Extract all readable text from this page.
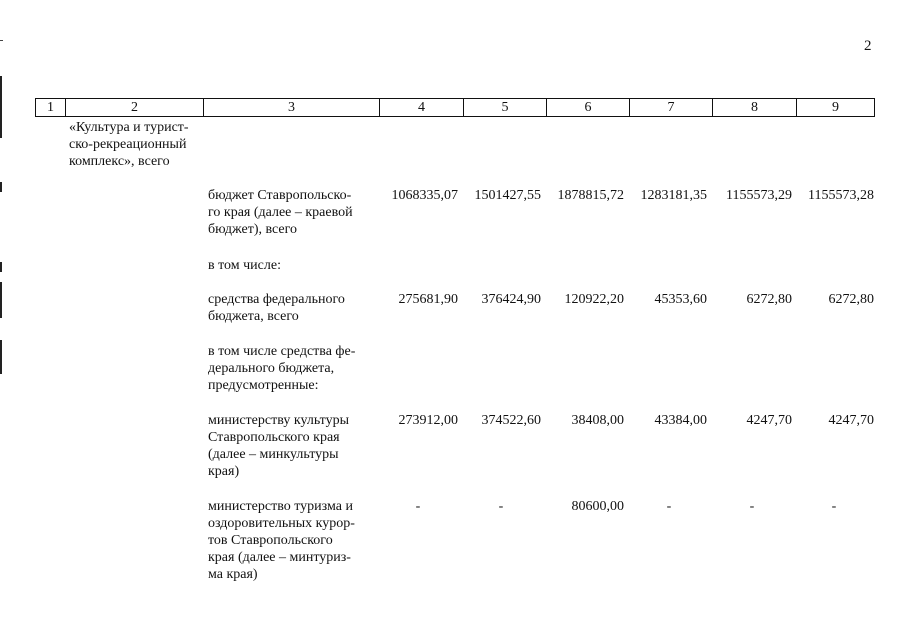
2
1	2	3	4	5	6	7	8	9
«Культура и турист-
ско-рекреационный
комплекс», всего
бюджет Ставропольско-
го края (далее – краевой
бюджет), всего
1068335,07	1501427,55	1878815,72	1283181,35	1155573,29	1155573,28
в том числе:
средства федерального
бюджета, всего
275681,90	376424,90	120922,20	45353,60	6272,80	6272,80
в том числе средства фе-
дерального бюджета,
предусмотренные:
министерству культуры
Ставропольского края
(далее – минкультуры
края)
273912,00	374522,60	38408,00	43384,00	4247,70	4247,70
министерство туризма и
оздоровительных курор-
тов Ставропольского
края (далее – минтуриз-
ма края)
-	-	80600,00	-	-	-
